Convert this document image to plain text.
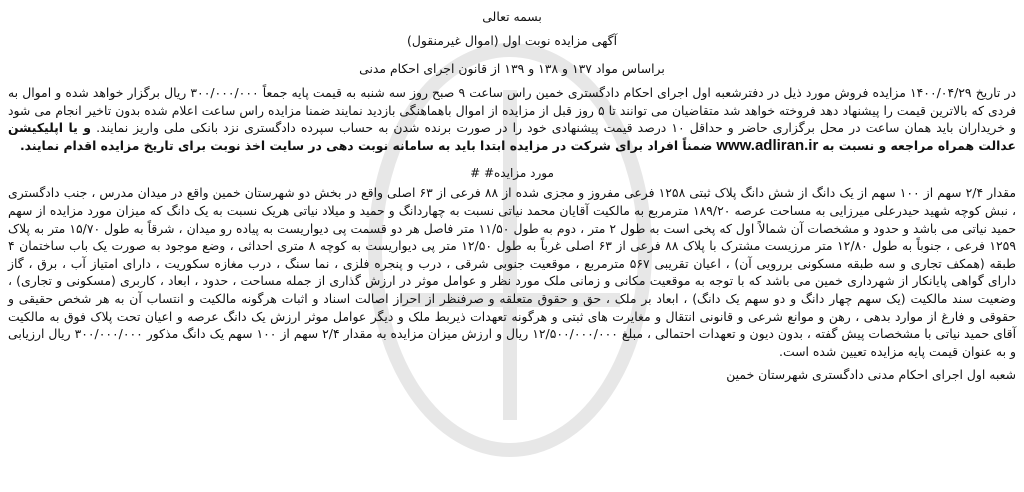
بسمه تعالی

آگهی مزایده نوبت اول (اموال غیرمنقول)

براساس مواد ۱۳۷ و ۱۳۸ و ۱۳۹ از قانون اجرای احکام مدنی

در تاریخ ۱۴۰۰/۰۴/۲۹ مزایده فروش مورد ذیل در دفترشعبه اول اجرای احکام دادگستری خمین راس ساعت ۹ صبح روز سه شنبه به قیمت پایه جمعاً ۳۰۰/۰۰۰/۰۰۰ ریال برگزار خواهد شده و اموال به فردی که بالاترین قیمت را پیشنهاد دهد فروخته خواهد شد متقاضیان می توانند تا ۵ روز قبل از مزایده از اموال باهماهنگی بازدید نمایند ضمنا مزایده راس ساعت اعلام شده بدون تاخیر انجام می شود و خریداران باید همان ساعت در محل برگزاری حاضر و حداقل ۱۰ درصد قیمت پیشنهادی خود را در صورت برنده شدن به حساب سپرده دادگستری نزد بانکی ملی واریز نمایند. و یا اپلیکیشن عدالت همراه مراجعه و نسبت به www.adliran.ir ضمناً افراد برای شرکت در مزایده ابتدا باید به سامانه نوبت دهی در سایت اخذ نوبت برای تاریخ مزایده اقدام نمایند.

مورد مزایده# #

مقدار ۲/۴ سهم از ۱۰۰ سهم از یک دانگ از شش دانگ پلاک ثبتی ۱۲۵۸ فرعی مفروز و مجزی شده از ۸۸ فرعی از ۶۳ اصلی واقع در بخش دو شهرستان خمین واقع در میدان مدرس ، جنب دادگستری ، نبش کوچه شهید حیدرعلی میرزایی به مساحت عرصه ۱۸۹/۲۰ مترمربع به مالکیت آقایان محمد نیاتی نسبت به چهاردانگ و حمید و میلاد نیاتی هریک نسبت به یک دانگ که میزان مورد مزایده از سهم حمید نیاتی می باشد و حدود و مشخصات آن شمالاً اول که پخی است به طول ۲ متر ، دوم به طول ۱۱/۵۰ متر فاصل هر دو قسمت پی دیواریست به پیاده رو میدان ، شرقاً به طول ۱۵/۷۰ متر به پلاک ۱۲۵۹ فرعی ، جنوباً به طول ۱۲/۸۰ متر مرزیست مشترک با پلاک ۸۸ فرعی از ۶۳ اصلی غرباً به طول ۱۲/۵۰ متر پی دیواریست به کوچه ۸ متری احداثی ، وضع موجود به صورت یک باب ساختمان ۴ طبقه (همکف تجاری و سه طبقه مسکونی بررویی آن) ، اعیان تقریبی ۵۶۷ مترمربع ، موقعیت جنوبی شرقی ، درب و پنجره فلزی ، نما سنگ ، درب مغازه سکوریت ، دارای امتیاز آب ، برق ، گاز دارای گواهی پایانکار از شهرداری خمین می باشد که با توجه به موقعیت مکانی و زمانی ملک مورد نظر و عوامل موثر در ارزش گذاری از جمله مساحت ، حدود ، ابعاد ، کاربری (مسکونی و تجاری) ، وضعیت سند مالکیت (یک سهم چهار دانگ و دو سهم یک دانگ) ، ابعاد بر ملک ، حق و حقوق متعلقه و صرفنظر از احراز اصالت اسناد و اثبات هرگونه مالکیت و انتساب آن به هر شخص حقیقی و حقوقی و فارغ از موارد بدهی ، رهن و موانع شرعی و قانونی انتقال و مغایرت های ثبتی و هرگونه تعهدات ذیربط ملک و دیگر عوامل موثر ارزش یک دانگ عرصه و اعیان تحت پلاک فوق به مالکیت آقای حمید نیاتی با مشخصات پیش گفته ، بدون دیون و تعهدات احتمالی ، مبلغ ۱۲/۵۰۰/۰۰۰/۰۰۰ ریال و ارزش میزان مزایده به مقدار ۲/۴ سهم از ۱۰۰ سهم یک دانگ مذکور ۳۰۰/۰۰۰/۰۰۰ ریال ارزیابی و به عنوان قیمت پایه مزایده تعیین شده است.

شعبه اول اجرای احکام مدنی دادگستری شهرستان خمین
